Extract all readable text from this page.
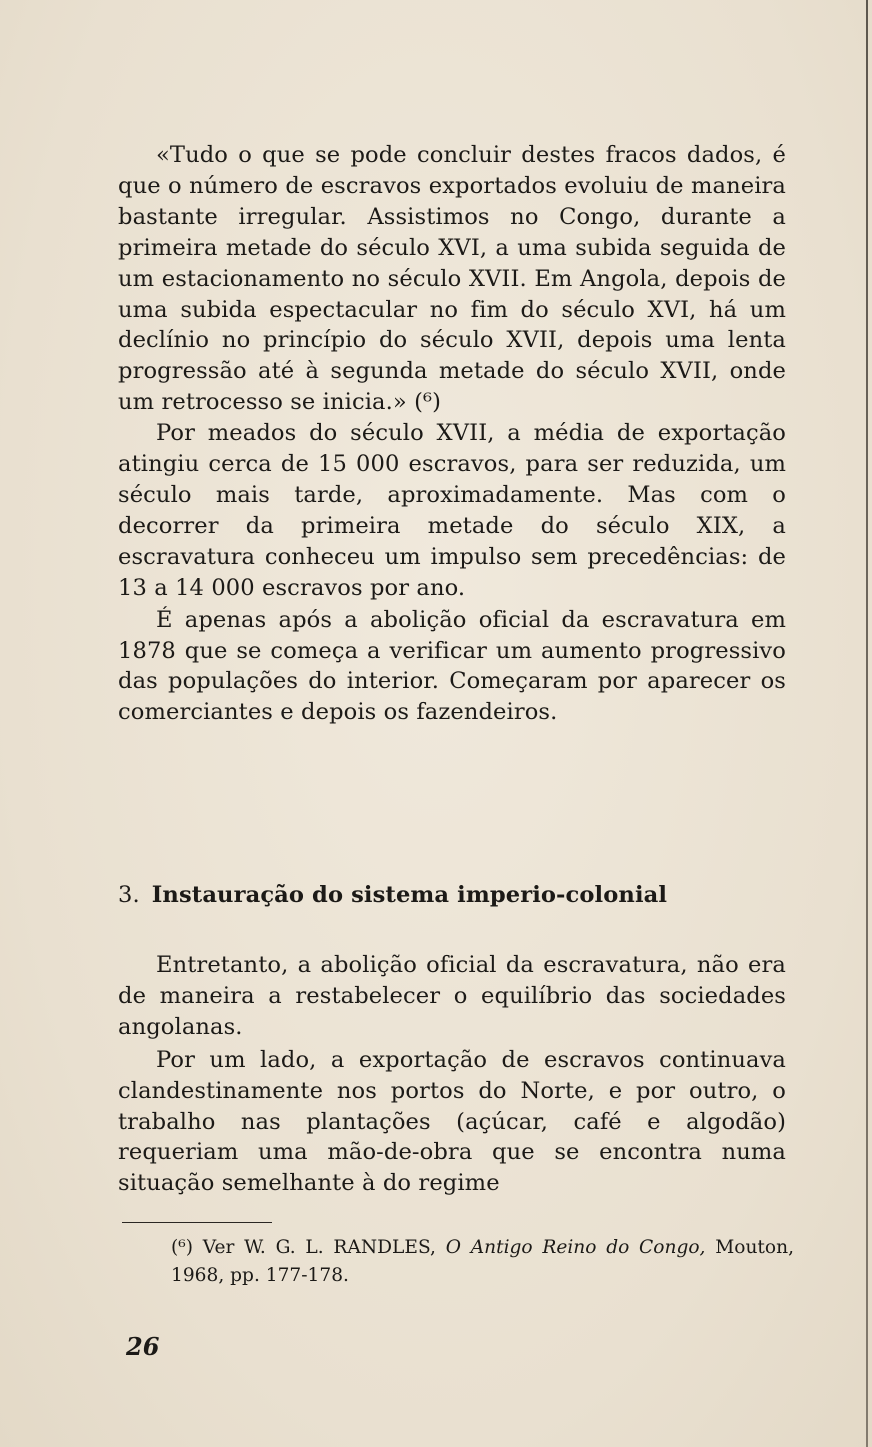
«Tudo o que se pode concluir destes fracos dados, é que o número de escravos exportados evoluiu de maneira bastante irregular. Assistimos no Congo, durante a primeira metade do século XVI, a uma subida seguida de um estacionamento no século XVII. Em Angola, depois de uma subida espectacular no fim do século XVI, há um declínio no princípio do século XVII, depois uma lenta progressão até à segunda metade do século XVII, onde um retrocesso se inicia.» (⁶)

Por meados do século XVII, a média de exportação atingiu cerca de 15 000 escravos, para ser reduzida, um século mais tarde, aproximadamente. Mas com o decorrer da primeira metade do século XIX, a escravatura conheceu um impulso sem precedências: de 13 a 14 000 escravos por ano.

É apenas após a abolição oficial da escravatura em 1878 que se começa a verificar um aumento progressivo das populações do interior. Começaram por aparecer os comerciantes e depois os fazendeiros.

3. Instauração do sistema imperio-colonial

Entretanto, a abolição oficial da escravatura, não era de maneira a restabelecer o equilíbrio das sociedades angolanas.

Por um lado, a exportação de escravos continuava clandestinamente nos portos do Norte, e por outro, o trabalho nas plantações (açúcar, café e algodão) requeriam uma mão-de-obra que se encontra numa situação semelhante à do regime

(⁶) Ver W. G. L. RANDLES, O Antigo Reino do Congo, Mouton, 1968, pp. 177-178.
26
